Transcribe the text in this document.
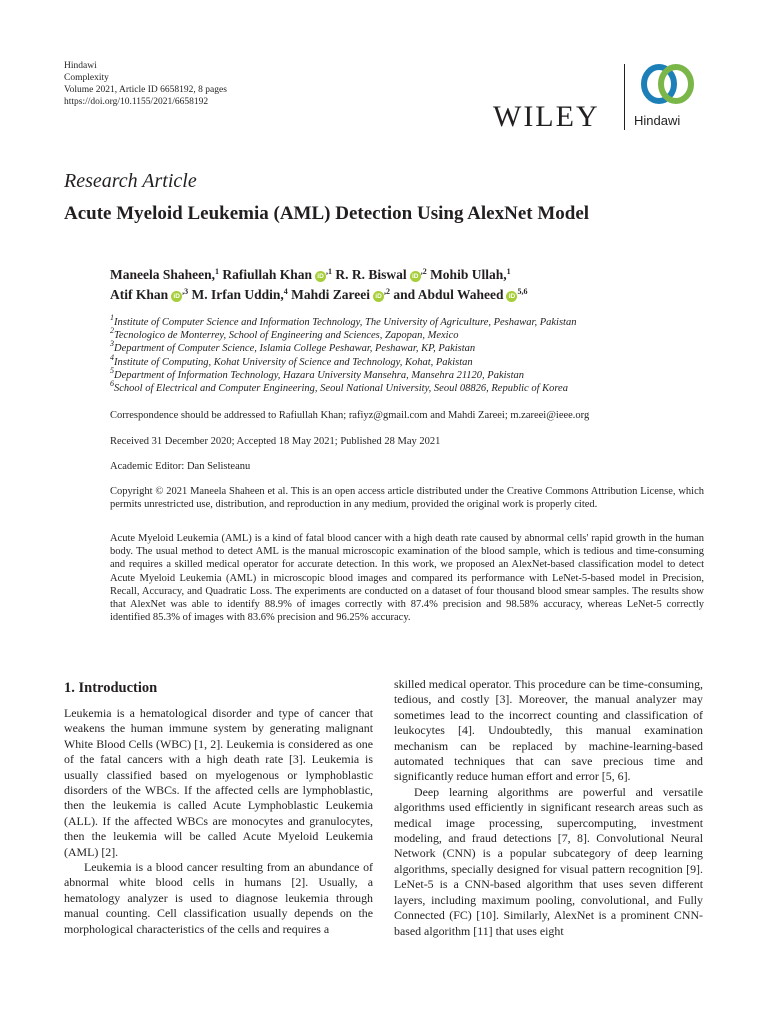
Hindawi
Complexity
Volume 2021, Article ID 6658192, 8 pages
https://doi.org/10.1155/2021/6658192	WILEY	Hindawi
Research Article
Acute Myeloid Leukemia (AML) Detection Using AlexNet Model
Maneela Shaheen,$^1$ Rafiullah Khan $iD^{,1}$ R. R. Biswal $iD^{,2}$ Mohib Ullah,$^1$
Atif Khan $iD^{,3}$ M. Irfan Uddin,$^4$ Mahdi Zareei $iD^{,2}$ and Abdul Waheed iD$^{5,6}$
$^1$Institute of Computer Science and Information Technology, The University of Agriculture, Peshawar, Pakistan
$^2$Tecnologico de Monterrey, School of Engineering and Sciences, Zapopan, Mexico
$^3$Department of Computer Science, Islamia College Peshawar, Peshawar, KP, Pakistan
$^4$Institute of Computing, Kohat University of Science and Technology, Kohat, Pakistan
$^5$Department of Information Technology, Hazara University Mansehra, Mansehra 21120, Pakistan
$^6$School of Electrical and Computer Engineering, Seoul National University, Seoul 08826, Republic of Korea
Correspondence should be addressed to Rafiullah Khan; rafiyz@gmail.com and Mahdi Zareei; m.zareei@ieee.org
Received 31 December 2020; Accepted 18 May 2021; Published 28 May 2021
Academic Editor: Dan Selisteanu
Copyright © 2021 Maneela Shaheen et al. This is an open access article distributed under the Creative Commons Attribution License, which permits unrestricted use, distribution, and reproduction in any medium, provided the original work is properly cited.
Acute Myeloid Leukemia (AML) is a kind of fatal blood cancer with a high death rate caused by abnormal cells' rapid growth in the human body. The usual method to detect AML is the manual microscopic examination of the blood sample, which is tedious and time-consuming and requires a skilled medical operator for accurate detection. In this work, we proposed an AlexNet-based classification model to detect Acute Myeloid Leukemia (AML) in microscopic blood images and compared its performance with LeNet-5-based model in Precision, Recall, Accuracy, and Quadratic Loss. The experiments are conducted on a dataset of four thousand blood smear samples. The results show that AlexNet was able to identify 88.9% of images correctly with 87.4% precision and 98.58% accuracy, whereas LeNet-5 correctly identified 85.3% of images with 83.6% precision and 96.25% accuracy.
1. Introduction

Leukemia is a hematological disorder and type of cancer that weakens the human immune system by generating malignant White Blood Cells (WBC) [1, 2]. Leukemia is considered as one of the fatal cancers with a high death rate [3]. Leukemia is usually classified based on myelogenous or lymphoblastic disorders of the WBCs. If the affected cells are lymphoblastic, then the leukemia is called Acute Lymphoblastic Leukemia (ALL). If the affected WBCs are monocytes and granulocytes, then the leukemia will be called Acute Myeloid Leukemia (AML) [2].

Leukemia is a blood cancer resulting from an abundance of abnormal white blood cells in humans [2]. Usually, a hematology analyzer is used to diagnose leukemia through manual counting. Cell classification usually depends on the morphological characteristics of the cells and requires a

skilled medical operator. This procedure can be time-consuming, tedious, and costly [3]. Moreover, the manual analyzer may sometimes lead to the incorrect counting and classification of leukocytes [4]. Undoubtedly, this manual examination mechanism can be replaced by machine-learning-based automated techniques that can save precious time and significantly reduce human effort and error [5, 6].

Deep learning algorithms are powerful and versatile algorithms used efficiently in significant research areas such as medical image processing, supercomputing, investment modeling, and fraud detections [7, 8]. Convolutional Neural Network (CNN) is a popular subcategory of deep learning algorithms, specially designed for visual pattern recognition [9]. LeNet-5 is a CNN-based algorithm that uses seven different layers, including maximum pooling, convolutional, and Fully Connected (FC) [10]. Similarly, AlexNet is a prominent CNN-based algorithm [11] that uses eight
